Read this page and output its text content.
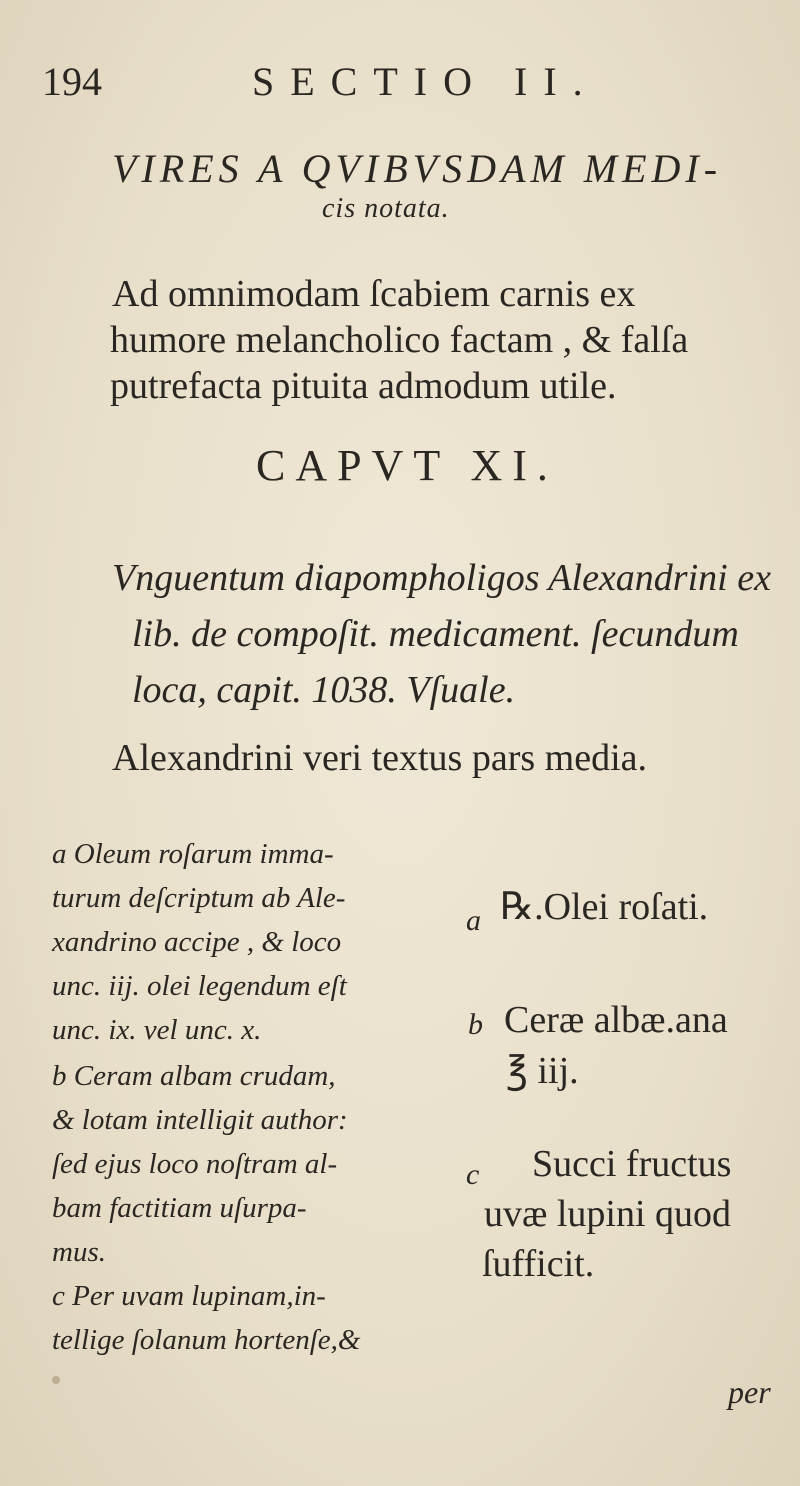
194	SECTIO II.

VIRES A QVIBVSDAM MEDI-

cis notata.

Ad omnimodam ſcabiem carnis ex

humore melancholico factam , & falſa

putrefacta pituita admodum utile.

CAPVT XI.

Vnguentum diapompholigos Alexandrini ex

lib. de compoſit. medicament. ſecundum

loca, capit. 1038. Vſuale.

Alexandrini veri textus pars media.

a Oleum roſarum imma-

turum deſcriptum ab Ale-

xandrino accipe , & loco

unc. iij. olei legendum eſt

unc. ix. vel unc. x.

b Ceram albam crudam,

& lotam intelligit author:

ſed ejus loco noſtram al-

bam factitiam uſurpa-

mus.

c Per uvam lupinam,in-

tellige ſolanum hortenſe,&

a ℞.Olei roſati.

b Ceræ albæ.ana

℥ iij.

c Succi fructus

uvæ lupini quod

ſufficit.

per
